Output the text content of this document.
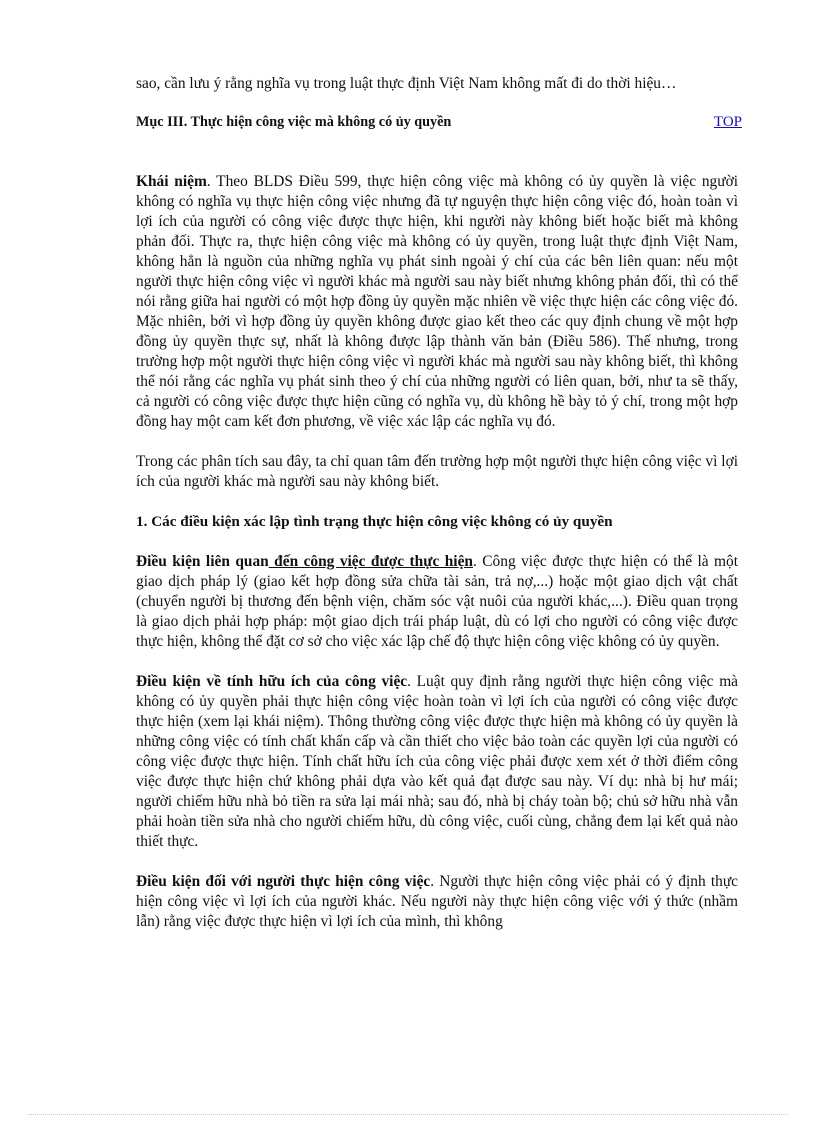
sao, cần lưu ý rằng nghĩa vụ trong luật thực định Việt Nam không mất đi do thời hiệu…

Mục III. Thực hiện công việc mà không có ủy quyền	TOP

Khái niệm. Theo BLDS Điều 599, thực hiện công việc mà không có ủy quyền là việc người không có nghĩa vụ thực hiện công việc nhưng đã tự nguyện thực hiện công việc đó, hoàn toàn vì lợi ích của người có công việc được thực hiện, khi người này không biết hoặc biết mà không phản đối. Thực ra, thực hiện công việc mà không có ủy quyền, trong luật thực định Việt Nam, không hẳn là nguồn của những nghĩa vụ phát sinh ngoài ý chí của các bên liên quan: nếu một người thực hiện công việc vì người khác mà người sau này biết nhưng không phản đối, thì có thể nói rằng giữa hai người có một hợp đồng ủy quyền mặc nhiên về việc thực hiện các công việc đó. Mặc nhiên, bởi vì hợp đồng ủy quyền không được giao kết theo các quy định chung về một hợp đồng ủy quyền thực sự, nhất là không được lập thành văn bản (Điều 586). Thế nhưng, trong trường hợp một người thực hiện công việc vì người khác mà người sau này không biết, thì không thể nói rằng các nghĩa vụ phát sinh theo ý chí của những người có liên quan, bởi, như ta sẽ thấy, cả người có công việc được thực hiện cũng có nghĩa vụ, dù không hề bày tỏ ý chí, trong một hợp đồng hay một cam kết đơn phương, về việc xác lập các nghĩa vụ đó.

Trong các phân tích sau đây, ta chỉ quan tâm đến trường hợp một người thực hiện công việc vì lợi ích của người khác mà người sau này không biết.

1. Các điều kiện xác lập tình trạng thực hiện công việc không có ủy quyền

Điều kiện liên quan đến công việc được thực hiện. Công việc được thực hiện có thể là một giao dịch pháp lý (giao kết hợp đồng sửa chữa tài sản, trả nợ,...) hoặc một giao dịch vật chất (chuyển người bị thương đến bệnh viện, chăm sóc vật nuôi của người khác,...). Điều quan trọng là giao dịch phải hợp pháp: một giao dịch trái pháp luật, dù có lợi cho người có công việc được thực hiện, không thể đặt cơ sở cho việc xác lập chế độ thực hiện công việc không có ủy quyền.

Điều kiện về tính hữu ích của công việc. Luật quy định rằng người thực hiện công việc mà không có ủy quyền phải thực hiện công việc hoàn toàn vì lợi ích của người có công việc được thực hiện (xem lại khái niệm). Thông thường công việc được thực hiện mà không có ủy quyền là những công việc có tính chất khẩn cấp và cần thiết cho việc bảo toàn các quyền lợi của người có công việc được thực hiện. Tính chất hữu ích của công việc phải được xem xét ở thời điểm công việc được thực hiện chứ không phải dựa vào kết quả đạt được sau này. Ví dụ: nhà bị hư mái; người chiếm hữu nhà bỏ tiền ra sửa lại mái nhà; sau đó, nhà bị cháy toàn bộ; chủ sở hữu nhà vẫn phải hoàn tiền sửa nhà cho người chiếm hữu, dù công việc, cuối cùng, chẳng đem lại kết quả nào thiết thực.

Điều kiện đối với người thực hiện công việc. Người thực hiện công việc phải có ý định thực hiện công việc vì lợi ích của người khác. Nếu người này thực hiện công việc với ý thức (nhầm lẫn) rằng việc được thực hiện vì lợi ích của mình, thì không
